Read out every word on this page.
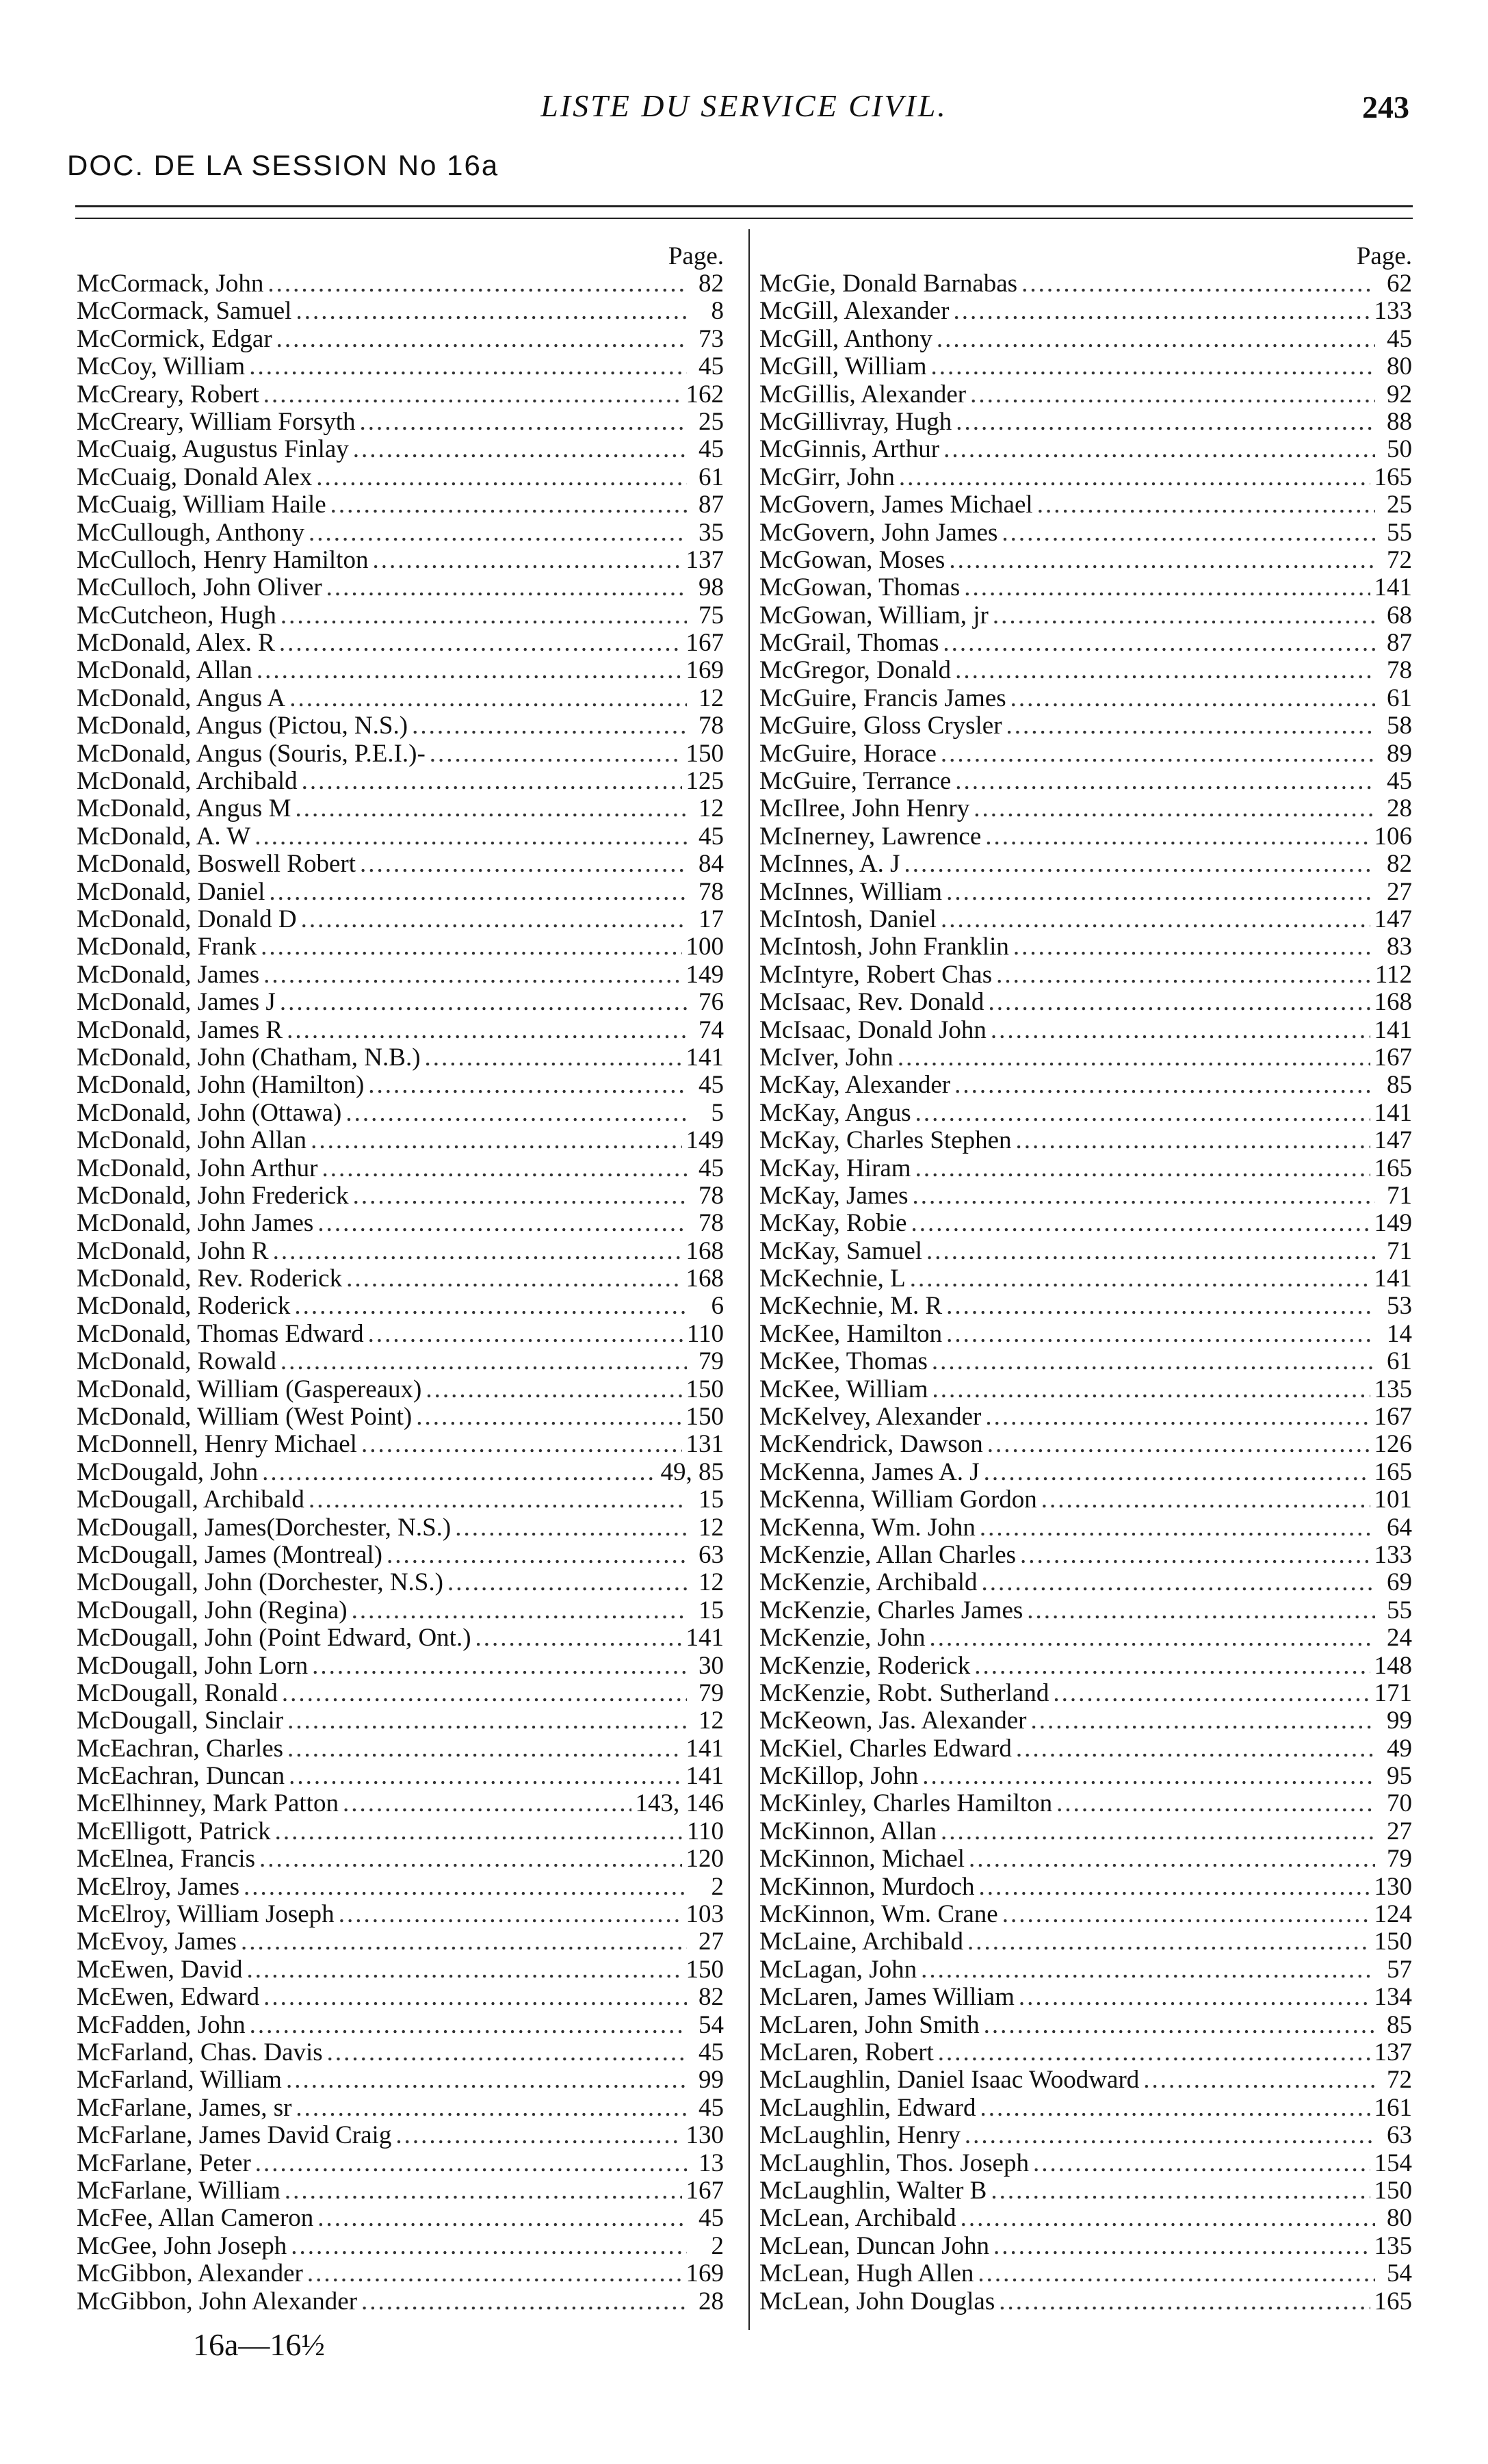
LISTE DU SERVICE CIVIL.	243
DOC. DE LA SESSION No 16a
Page.
McCormack, John .....	82
McCormack, Samuel .....	8
McCormick, Edgar .....	73
McCoy, William .....	45
McCreary, Robert .....	162
McCreary, William Forsyth .....	25
McCuaig, Augustus Finlay .....	45
McCuaig, Donald Alex .....	61
McCuaig, William Haile .....	87
McCullough, Anthony .....	35
McCulloch, Henry Hamilton .....	137
McCulloch, John Oliver .....	98
McCutcheon, Hugh .....	75
McDonald, Alex. R .....	167
McDonald, Allan .....	169
McDonald, Angus A .....	12
McDonald, Angus (Pictou, N.S.) .....	78
McDonald, Angus (Souris, P.E.I.)- .....	150
McDonald, Archibald .....	125
McDonald, Angus M .....	12
McDonald, A. W .....	45
McDonald, Boswell Robert .....	84
McDonald, Daniel .....	78
McDonald, Donald D .....	17
McDonald, Frank .....	100
McDonald, James .....	149
McDonald, James J .....	76
McDonald, James R .....	74
McDonald, John (Chatham, N.B.) .....	141
McDonald, John (Hamilton) .....	45
McDonald, John (Ottawa) .....	5
McDonald, John Allan .....	149
McDonald, John Arthur .....	45
McDonald, John Frederick .....	78
McDonald, John James .....	78
McDonald, John R .....	168
McDonald, Rev. Roderick .....	168
McDonald, Roderick .....	6
McDonald, Thomas Edward .....	110
McDonald, Rowald .....	79
McDonald, William (Gaspereaux) .....	150
McDonald, William (West Point) .....	150
McDonnell, Henry Michael .....	131
McDougald, John .....	49, 85
McDougall, Archibald .....	15
McDougall, James(Dorchester, N.S.) .....	12
McDougall, James (Montreal) .....	63
McDougall, John (Dorchester, N.S.) .....	12
McDougall, John (Regina) .....	15
McDougall, John (Point Edward, Ont.) .....	141
McDougall, John Lorn .....	30
McDougall, Ronald .....	79
McDougall, Sinclair .....	12
McEachran, Charles .....	141
McEachran, Duncan .....	141
McElhinney, Mark Patton .....	143, 146
McElligott, Patrick .....	110
McElnea, Francis .....	120
McElroy, James .....	2
McElroy, William Joseph .....	103
McEvoy, James .....	27
McEwen, David .....	150
McEwen, Edward .....	82
McFadden, John .....	54
McFarland, Chas. Davis .....	45
McFarland, William .....	99
McFarlane, James, sr .....	45
McFarlane, James David Craig .....	130
McFarlane, Peter .....	13
McFarlane, William .....	167
McFee, Allan Cameron .....	45
McGee, John Joseph .....	2
McGibbon, Alexander .....	169
McGibbon, John Alexander .....	28
Page.
McGie, Donald Barnabas .....	62
McGill, Alexander .....	133
McGill, Anthony .....	45
McGill, William .....	80
McGillis, Alexander .....	92
McGillivray, Hugh .....	88
McGinnis, Arthur .....	50
McGirr, John .....	165
McGovern, James Michael .....	25
McGovern, John James .....	55
McGowan, Moses .....	72
McGowan, Thomas .....	141
McGowan, William, jr .....	68
McGrail, Thomas .....	87
McGregor, Donald .....	78
McGuire, Francis James .....	61
McGuire, Gloss Crysler .....	58
McGuire, Horace .....	89
McGuire, Terrance .....	45
McIlree, John Henry .....	28
McInerney, Lawrence .....	106
McInnes, A. J .....	82
McInnes, William .....	27
McIntosh, Daniel .....	147
McIntosh, John Franklin .....	83
McIntyre, Robert Chas .....	112
McIsaac, Rev. Donald .....	168
McIsaac, Donald John .....	141
McIver, John .....	167
McKay, Alexander .....	85
McKay, Angus .....	141
McKay, Charles Stephen .....	147
McKay, Hiram .....	165
McKay, James .....	71
McKay, Robie .....	149
McKay, Samuel .....	71
McKechnie, L .....	141
McKechnie, M. R .....	53
McKee, Hamilton .....	14
McKee, Thomas .....	61
McKee, William .....	135
McKelvey, Alexander .....	167
McKendrick, Dawson .....	126
McKenna, James A. J .....	165
McKenna, William Gordon .....	101
McKenna, Wm. John .....	64
McKenzie, Allan Charles .....	133
McKenzie, Archibald .....	69
McKenzie, Charles James .....	55
McKenzie, John .....	24
McKenzie, Roderick .....	148
McKenzie, Robt. Sutherland .....	171
McKeown, Jas. Alexander .....	99
McKiel, Charles Edward .....	49
McKillop, John .....	95
McKinley, Charles Hamilton .....	70
McKinnon, Allan .....	27
McKinnon, Michael .....	79
McKinnon, Murdoch .....	130
McKinnon, Wm. Crane .....	124
McLaine, Archibald .....	150
McLagan, John .....	57
McLaren, James William .....	134
McLaren, John Smith .....	85
McLaren, Robert .....	137
McLaughlin, Daniel Isaac Woodward .....	72
McLaughlin, Edward .....	161
McLaughlin, Henry .....	63
McLaughlin, Thos. Joseph .....	154
McLaughlin, Walter B .....	150
McLean, Archibald .....	80
McLean, Duncan John .....	135
McLean, Hugh Allen .....	54
McLean, John Douglas .....	165
16a—16½
